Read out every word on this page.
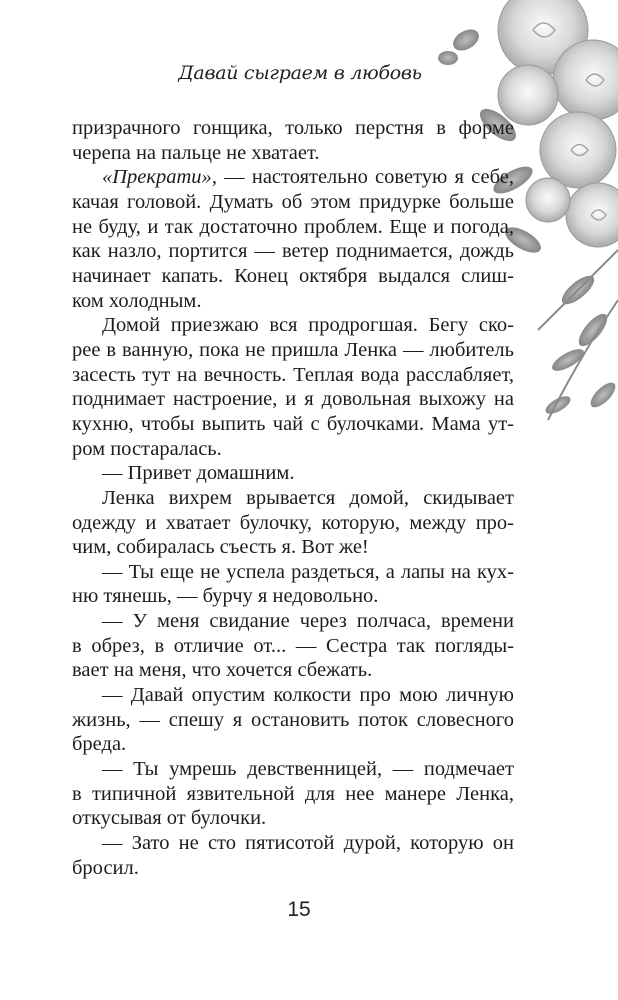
Давай сыграем в любовь
призрачного гонщика, только перстня в форме
черепа на пальце не хватает.
«Прекрати», — настоятельно советую я себе,
качая головой. Думать об этом придурке больше
не буду, и так достаточно проблем. Еще и погода,
как назло, портится — ветер поднимается, дождь
начинает капать. Конец октября выдался слиш-
ком холодным.
Домой приезжаю вся продрогшая. Бегу ско-
рее в ванную, пока не пришла Ленка — любитель
засесть тут на вечность. Теплая вода расслабляет,
поднимает настроение, и я довольная выхожу на
кухню, чтобы выпить чай с булочками. Мама ут-
ром постаралась.
— Привет домашним.
Ленка вихрем врывается домой, скидывает
одежду и хватает булочку, которую, между про-
чим, собиралась съесть я. Вот же!
— Ты еще не успела раздеться, а лапы на кух-
ню тянешь, — бурчу я недовольно.
— У меня свидание через полчаса, времени
в обрез, в отличие от... — Сестра так погляды-
вает на меня, что хочется сбежать.
— Давай опустим колкости про мою личную
жизнь, — спешу я остановить поток словесного
бреда.
— Ты умрешь девственницей, — подмечает
в типичной язвительной для нее манере Ленка,
откусывая от булочки.
— Зато не сто пятисотой дурой, которую он
бросил.
15
